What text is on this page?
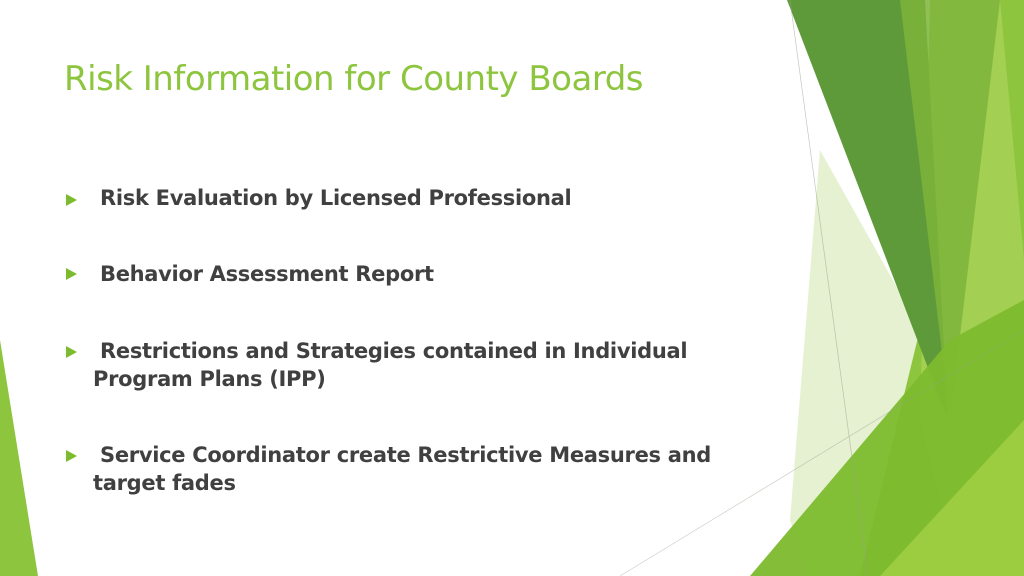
Risk Information for County Boards

Risk Evaluation by Licensed Professional

Behavior Assessment Report

Restrictions and Strategies contained in Individual Program Plans (IPP)

Service Coordinator create Restrictive Measures and target fades
